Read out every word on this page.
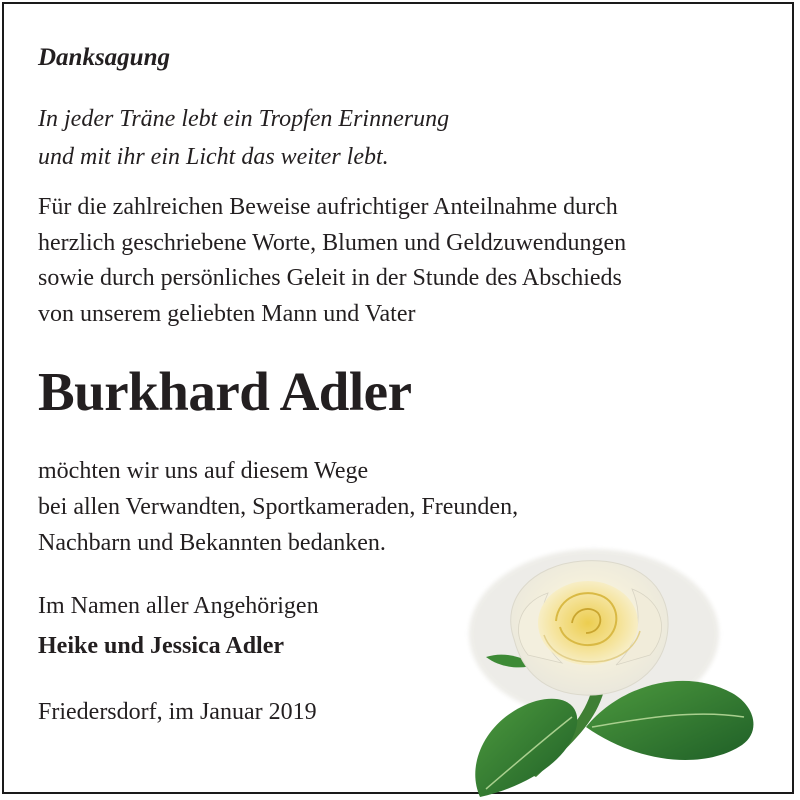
Danksagung

In jeder Träne lebt ein Tropfen Erinnerung
und mit ihr ein Licht das weiter lebt.

Für die zahlreichen Beweise aufrichtiger Anteilnahme durch
herzlich geschriebene Worte, Blumen und Geldzuwendungen
sowie durch persönliches Geleit in der Stunde des Abschieds
von unserem geliebten Mann und Vater

Burkhard Adler

möchten wir uns auf diesem Wege
bei allen Verwandten, Sportkameraden, Freunden,
Nachbarn und Bekannten bedanken.

Im Namen aller Angehörigen

Heike und Jessica Adler

Friedersdorf, im Januar 2019
